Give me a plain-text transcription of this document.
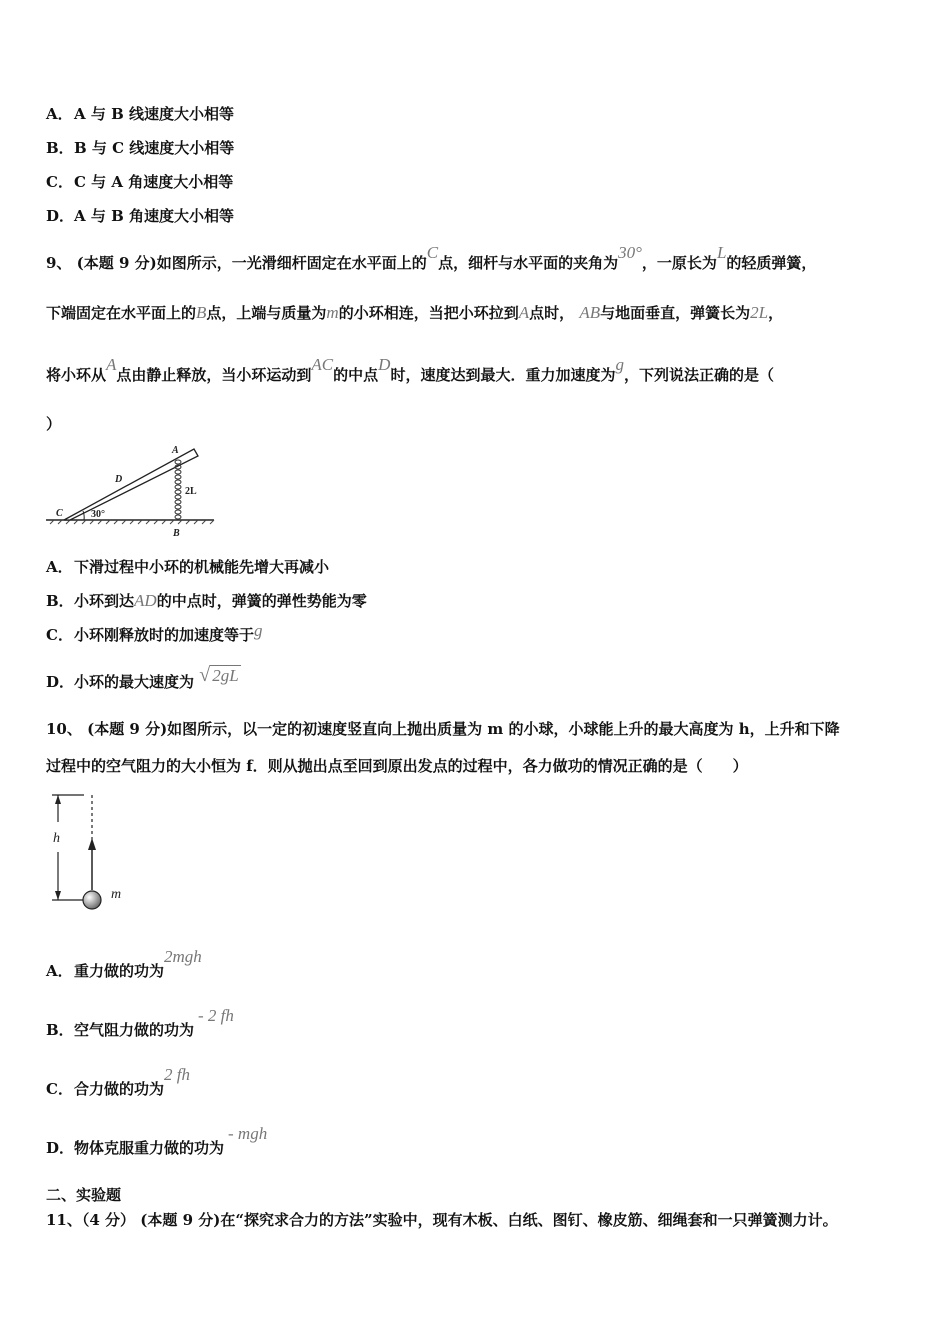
A．A 与 B 线速度大小相等
B．B 与 C 线速度大小相等
C．C 与 A 角速度大小相等
D．A 与 B 角速度大小相等
9、 (本题 9 分)如图所示，一光滑细杆固定在水平面上的C点，细杆与水平面的夹角为30°，一原长为L的轻质弹簧，
下端固定在水平面上的B点，上端与质量为m的小环相连，当把小环拉到A点时， AB与地面垂直，弹簧长为2L，
将小环从A点由静止释放，当小环运动到AC的中点D时，速度达到最大．重力加速度为g，下列说法正确的是（
）
A
D
C
B
2L
30°
A．下滑过程中小环的机械能先增大再减小
B．小环到达AD的中点时，弹簧的弹性势能为零
C．小环刚释放时的加速度等于g
D．小环的最大速度为 √ 2gL
10、 (本题 9 分)如图所示，以一定的初速度竖直向上抛出质量为 m 的小球，小球能上升的最大高度为 h，上升和下降
过程中的空气阻力的大小恒为 f．则从抛出点至回到原出发点的过程中，各力做功的情况正确的是（　　）
h
m
A．重力做的功为2mgh
B．空气阻力做的功为- 2 fh
C．合力做的功为2 fh
D．物体克服重力做的功为- mgh
二、实验题
11、（4 分） (本题 9 分)在“探究求合力的方法”实验中，现有木板、白纸、图钉、橡皮筋、细绳套和一只弹簧测力计。
